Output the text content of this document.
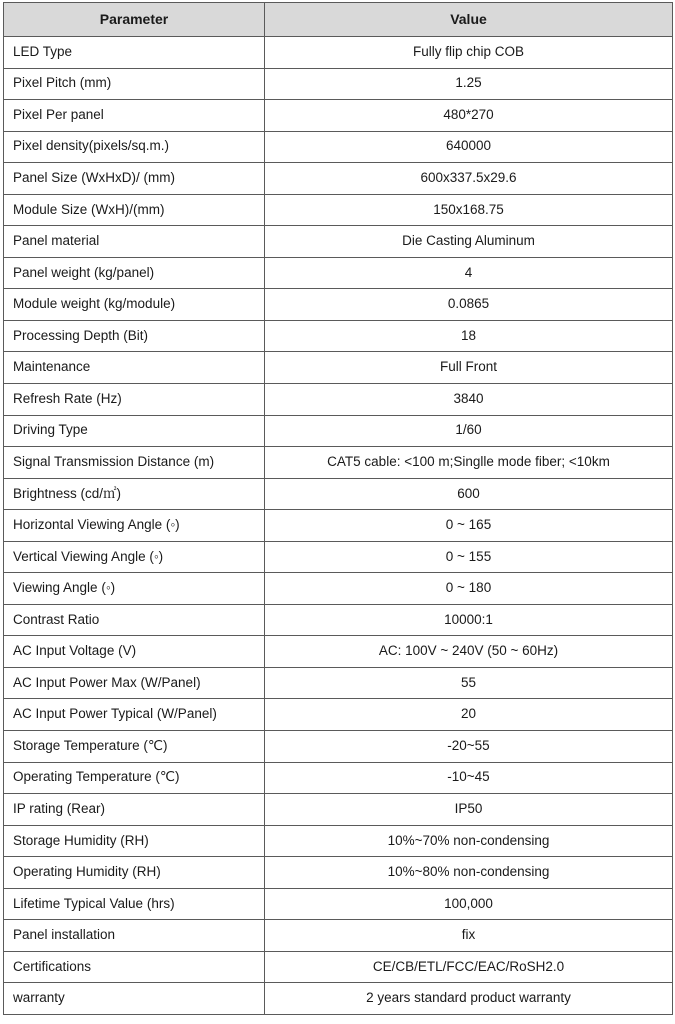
Parameter	Value
LED Type	Fully flip chip COB
Pixel Pitch (mm)	1.25
Pixel Per panel	480*270
Pixel density(pixels/sq.m.)	640000
Panel Size (WxHxD)/ (mm)	600x337.5x29.6
Module Size (WxH)/(mm)	150x168.75
Panel material	Die Casting Aluminum
Panel weight (kg/panel)	4
Module weight (kg/module)	0.0865
Processing Depth (Bit)	18
Maintenance	Full Front
Refresh Rate (Hz)	3840
Driving Type	1/60
Signal Transmission Distance (m)	CAT5 cable: <100 m;Singlle mode fiber; <10km
Brightness (cd/㎡)	600
Horizontal Viewing Angle (◦)	0 ~ 165
Vertical Viewing Angle (◦)	0 ~ 155
Viewing Angle (◦)	0 ~ 180
Contrast Ratio	10000:1
AC Input Voltage (V)	AC: 100V ~ 240V (50 ~ 60Hz)
AC Input Power Max (W/Panel)	55
AC Input Power Typical (W/Panel)	20
Storage Temperature (℃)	-20~55
Operating Temperature (℃)	-10~45
IP rating (Rear)	IP50
Storage Humidity (RH)	10%~70% non-condensing
Operating Humidity (RH)	10%~80% non-condensing
Lifetime Typical Value (hrs)	100,000
Panel installation	fix
Certifications	CE/CB/ETL/FCC/EAC/RoSH2.0
warranty	2 years standard product warranty
